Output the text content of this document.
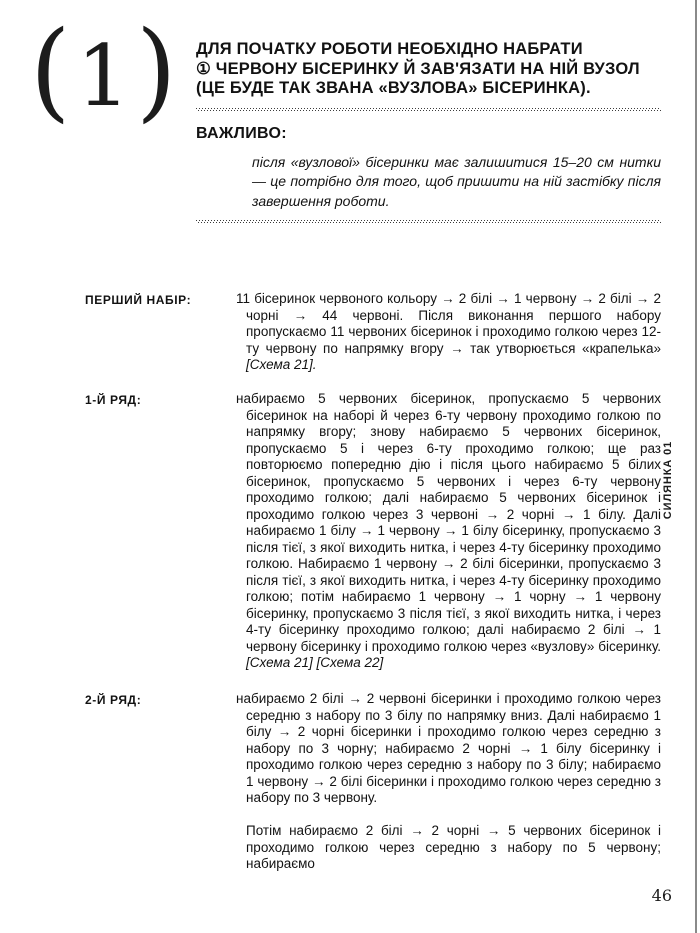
(1) ДЛЯ ПОЧАТКУ РОБОТИ НЕОБХІДНО НАБРАТИ
① ЧЕРВОНУ БІСЕРИНКУ Й ЗАВ'ЯЗАТИ НА НІЙ ВУЗОЛ
(ЦЕ БУДЕ ТАК ЗВАНА «ВУЗЛОВА» БІСЕРИНКА).
ВАЖЛИВО:
після «вузлової» бісеринки має залишитися 15–20 см нитки — це потрібно для того, щоб пришити на ній застібку після завершення роботи.
ПЕРШИЙ НАБІР:	11 бісеринок червоного кольору → 2 білі → 1 червону → 2 білі → 2 чорні → 44 червоні. Після виконання першого набору пропускаємо 11 червоних бісеринок і проходимо голкою через 12-ту червону по напрямку вгору → так утворюється «крапелька» [Схема 21].

1-Й РЯД:	набираємо 5 червоних бісеринок, пропускаємо 5 червоних бісеринок на наборі й через 6-ту червону проходимо голкою по напрямку вгору; знову набираємо 5 червоних бісеринок, пропускаємо 5 і через 6-ту проходимо голкою; ще раз повторюємо попередню дію і після цього набираємо 5 білих бісеринок, пропускаємо 5 червоних і через 6-ту червону проходимо голкою; далі набираємо 5 червоних бісеринок і проходимо голкою через 3 червоні → 2 чорні → 1 білу. Далі набираємо 1 білу → 1 червону → 1 білу бісеринку, пропускаємо 3 після тієї, з якої виходить нитка, і через 4-ту бісеринку проходимо голкою. Набираємо 1 червону → 2 білі бісеринки, пропускаємо 3 після тієї, з якої виходить нитка, і через 4-ту бісеринку проходимо голкою; потім набираємо 1 червону → 1 чорну → 1 червону бісеринку, пропускаємо 3 після тієї, з якої виходить нитка, і через 4-ту бісеринку проходимо голкою; далі набираємо 2 білі → 1 червону бісеринку і проходимо голкою через «вузлову» бісеринку. [Схема 21] [Схема 22]

2-Й РЯД:	набираємо 2 білі → 2 червоні бісеринки і проходимо голкою через середню з набору по 3 білу по напрямку вниз. Далі набираємо 1 білу → 2 чорні бісеринки і проходимо голкою через середню з набору по 3 чорну; набираємо 2 чорні → 1 білу бісеринку і проходимо голкою через середню з набору по 3 білу; набираємо 1 червону → 2 білі бісеринки і проходимо голкою через середню з набору по 3 червону.

Потім набираємо 2 білі → 2 чорні → 5 червоних бісеринок і проходимо голкою через середню з набору по 5 червону; набираємо

СИЛЯНКА 01
46
